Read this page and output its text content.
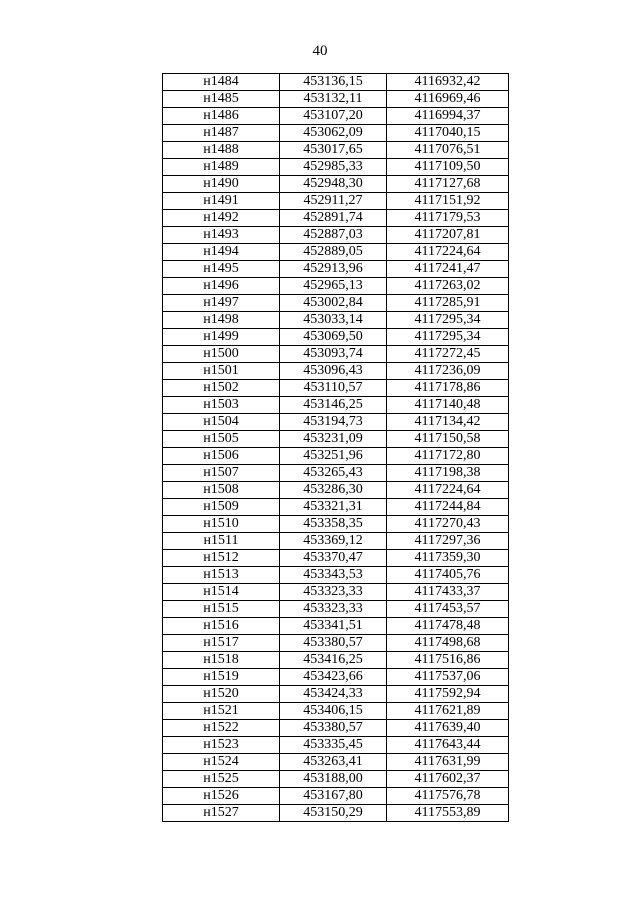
40
н1484	453136,15	4116932,42
н1485	453132,11	4116969,46
н1486	453107,20	4116994,37
н1487	453062,09	4117040,15
н1488	453017,65	4117076,51
н1489	452985,33	4117109,50
н1490	452948,30	4117127,68
н1491	452911,27	4117151,92
н1492	452891,74	4117179,53
н1493	452887,03	4117207,81
н1494	452889,05	4117224,64
н1495	452913,96	4117241,47
н1496	452965,13	4117263,02
н1497	453002,84	4117285,91
н1498	453033,14	4117295,34
н1499	453069,50	4117295,34
н1500	453093,74	4117272,45
н1501	453096,43	4117236,09
н1502	453110,57	4117178,86
н1503	453146,25	4117140,48
н1504	453194,73	4117134,42
н1505	453231,09	4117150,58
н1506	453251,96	4117172,80
н1507	453265,43	4117198,38
н1508	453286,30	4117224,64
н1509	453321,31	4117244,84
н1510	453358,35	4117270,43
н1511	453369,12	4117297,36
н1512	453370,47	4117359,30
н1513	453343,53	4117405,76
н1514	453323,33	4117433,37
н1515	453323,33	4117453,57
н1516	453341,51	4117478,48
н1517	453380,57	4117498,68
н1518	453416,25	4117516,86
н1519	453423,66	4117537,06
н1520	453424,33	4117592,94
н1521	453406,15	4117621,89
н1522	453380,57	4117639,40
н1523	453335,45	4117643,44
н1524	453263,41	4117631,99
н1525	453188,00	4117602,37
н1526	453167,80	4117576,78
н1527	453150,29	4117553,89
